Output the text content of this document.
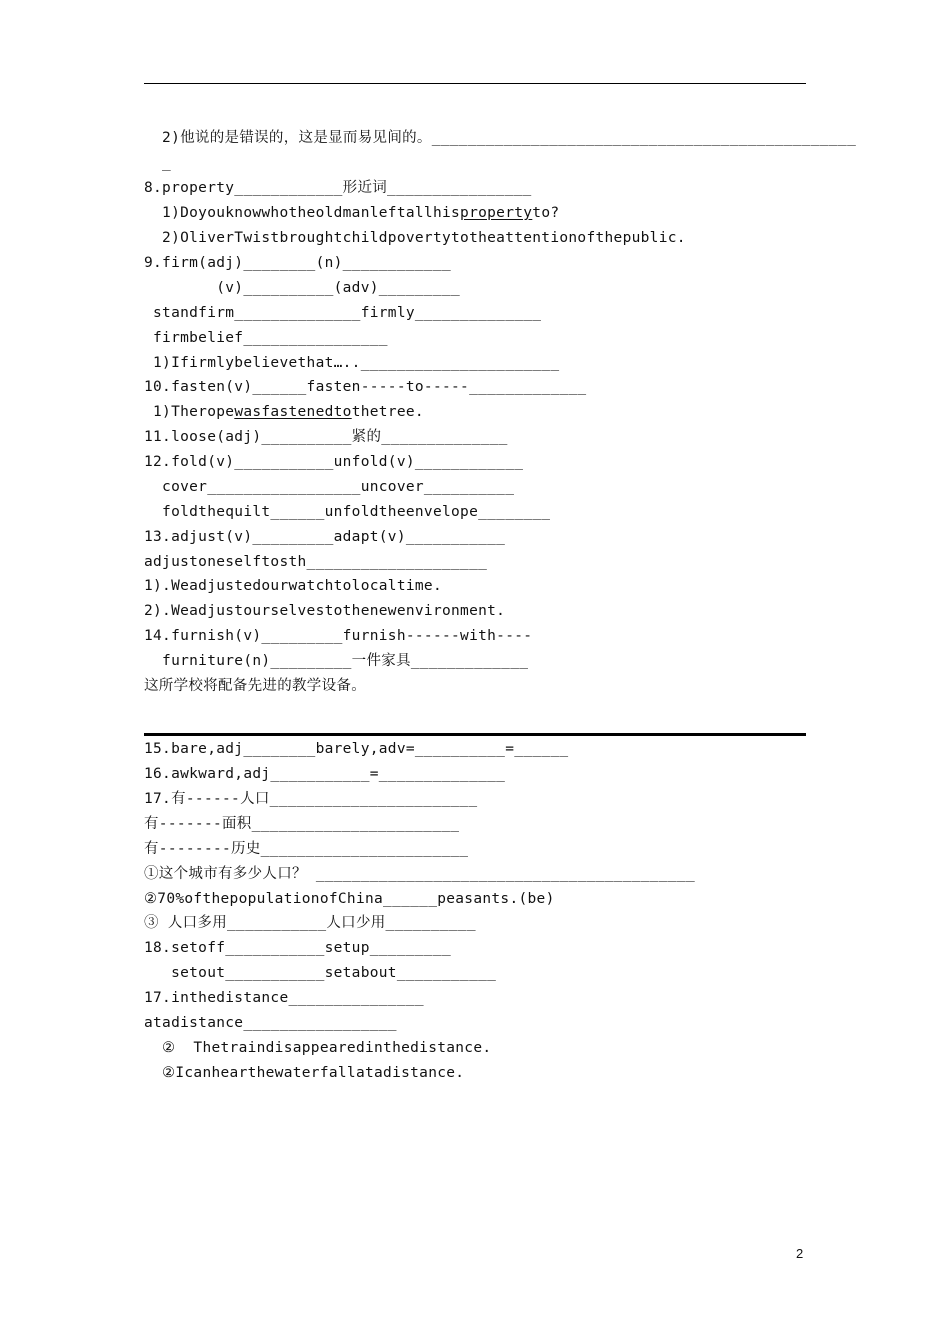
2)他说的是错误的，这是显而易见间的。_______________________________________________
_
8.property____________形近词________________
1)Doyouknowwhotheoldmanleftallhispropertyto?
2)OliverTwistbroughtchildpovertytotheattentionofthepublic.
9.firm(adj)________(n)____________
(v)__________(adv)_________
standfirm______________firmly______________
firmbelief________________
1)Ifirmlybelievethat…..______________________
10.fasten(v)______fasten-----to-----_____________
1)Theropewasfastenedtothetree.
11.loose(adj)__________紧的______________
12.fold(v)___________unfold(v)____________
cover_________________uncover__________
foldthequilt______unfoldtheenvelope________
13.adjust(v)_________adapt(v)___________
adjustoneselftosth____________________
1).Weadjustedourwatchtolocaltime.
2).Weadjustourselvestothenewenvironment.
14.furnish(v)_________furnish------with----
furniture(n)_________一件家具_____________
这所学校将配备先进的教学设备。
15.bare,adj________barely,adv=__________=______
16.awkward,adj___________=______________
17.有------人口_______________________
有-------面积_______________________
有--------历史_______________________
①这个城市有多少人口？ __________________________________________
②70%ofthepopulationofChina______peasants.(be)
③ 人口多用___________人口少用__________
18.setoff___________setup_________
setout___________setabout___________
17.inthedistance_______________
atadistance_________________
②  Thetraindisappearedinthedistance.
②Icanhearthewaterfallatadistance.
2
